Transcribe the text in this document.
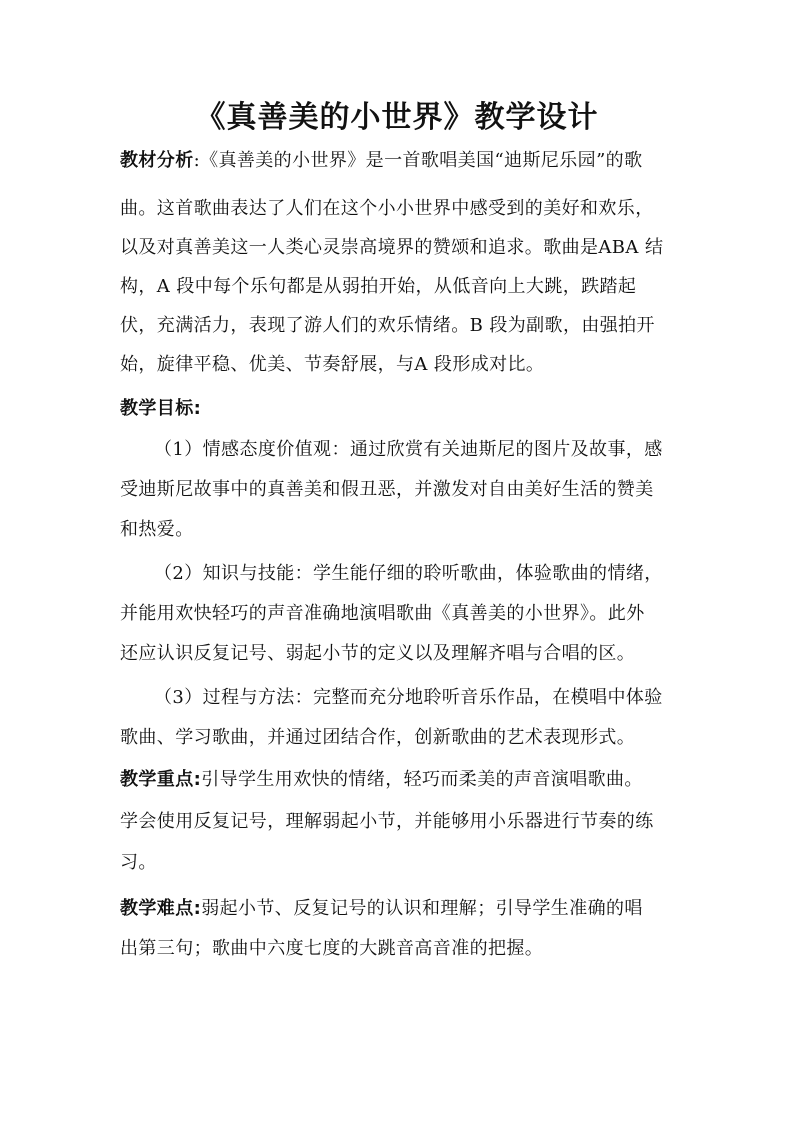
《真善美的小世界》教学设计
教材分析:《真善美的小世界》是一首歌唱美国“迪斯尼乐园”的歌
曲。这首歌曲表达了人们在这个小小世界中感受到的美好和欢乐，
以及对真善美这一人类心灵崇高境界的赞颂和追求。歌曲是ABA 结
构，A 段中每个乐句都是从弱拍开始，从低音向上大跳，跌踏起
伏，充满活力，表现了游人们的欢乐情绪。B 段为副歌，由强拍开
始，旋律平稳、优美、节奏舒展，与A 段形成对比。
教学目标:
（1）情感态度价值观：通过欣赏有关迪斯尼的图片及故事，感
受迪斯尼故事中的真善美和假丑恶，并激发对自由美好生活的赞美
和热爱。
（2）知识与技能：学生能仔细的聆听歌曲，体验歌曲的情绪，
并能用欢快轻巧的声音准确地演唱歌曲《真善美的小世界》。此外
还应认识反复记号、弱起小节的定义以及理解齐唱与合唱的区。
（3）过程与方法：完整而充分地聆听音乐作品，在模唱中体验
歌曲、学习歌曲，并通过团结合作，创新歌曲的艺术表现形式。
教学重点:引导学生用欢快的情绪，轻巧而柔美的声音演唱歌曲。
学会使用反复记号，理解弱起小节，并能够用小乐器进行节奏的练
习。
教学难点:弱起小节、反复记号的认识和理解；引导学生准确的唱
出第三句；歌曲中六度七度的大跳音高音准的把握。
